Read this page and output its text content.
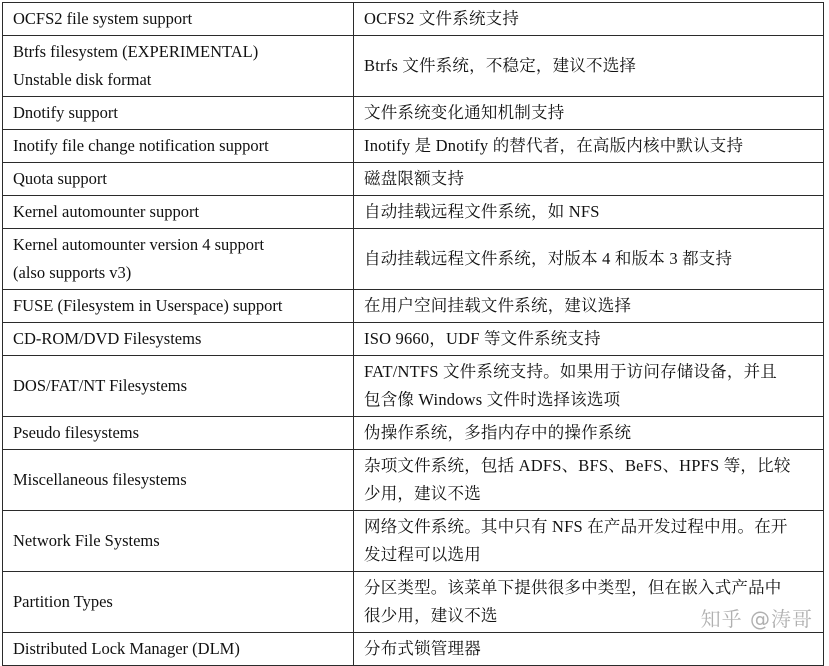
OCFS2 file system support	OCFS2 文件系统支持

Btrfs filesystem (EXPERIMENTAL)
Unstable disk format	Btrfs 文件系统，不稳定，建议不选择

Dnotify support	文件系统变化通知机制支持

Inotify file change notification support	Inotify 是 Dnotify 的替代者，在高版内核中默认支持

Quota support	磁盘限额支持

Kernel automounter support	自动挂载远程文件系统，如 NFS

Kernel automounter version 4 support
(also supports v3)	自动挂载远程文件系统，对版本 4 和版本 3 都支持

FUSE (Filesystem in Userspace) support	在用户空间挂载文件系统，建议选择

CD-ROM/DVD Filesystems	ISO 9660，UDF 等文件系统支持

DOS/FAT/NT Filesystems	FAT/NTFS 文件系统支持。如果用于访问存储设备，并且
包含像 Windows 文件时选择该选项

Pseudo filesystems	伪操作系统，多指内存中的操作系统

Miscellaneous filesystems	杂项文件系统，包括 ADFS、BFS、BeFS、HPFS 等，比较
少用，建议不选

Network File Systems	网络文件系统。其中只有 NFS 在产品开发过程中用。在开
发过程可以选用

Partition Types	分区类型。该菜单下提供很多中类型，但在嵌入式产品中
很少用，建议不选

Distributed Lock Manager (DLM)	分布式锁管理器
知乎 @涛哥
